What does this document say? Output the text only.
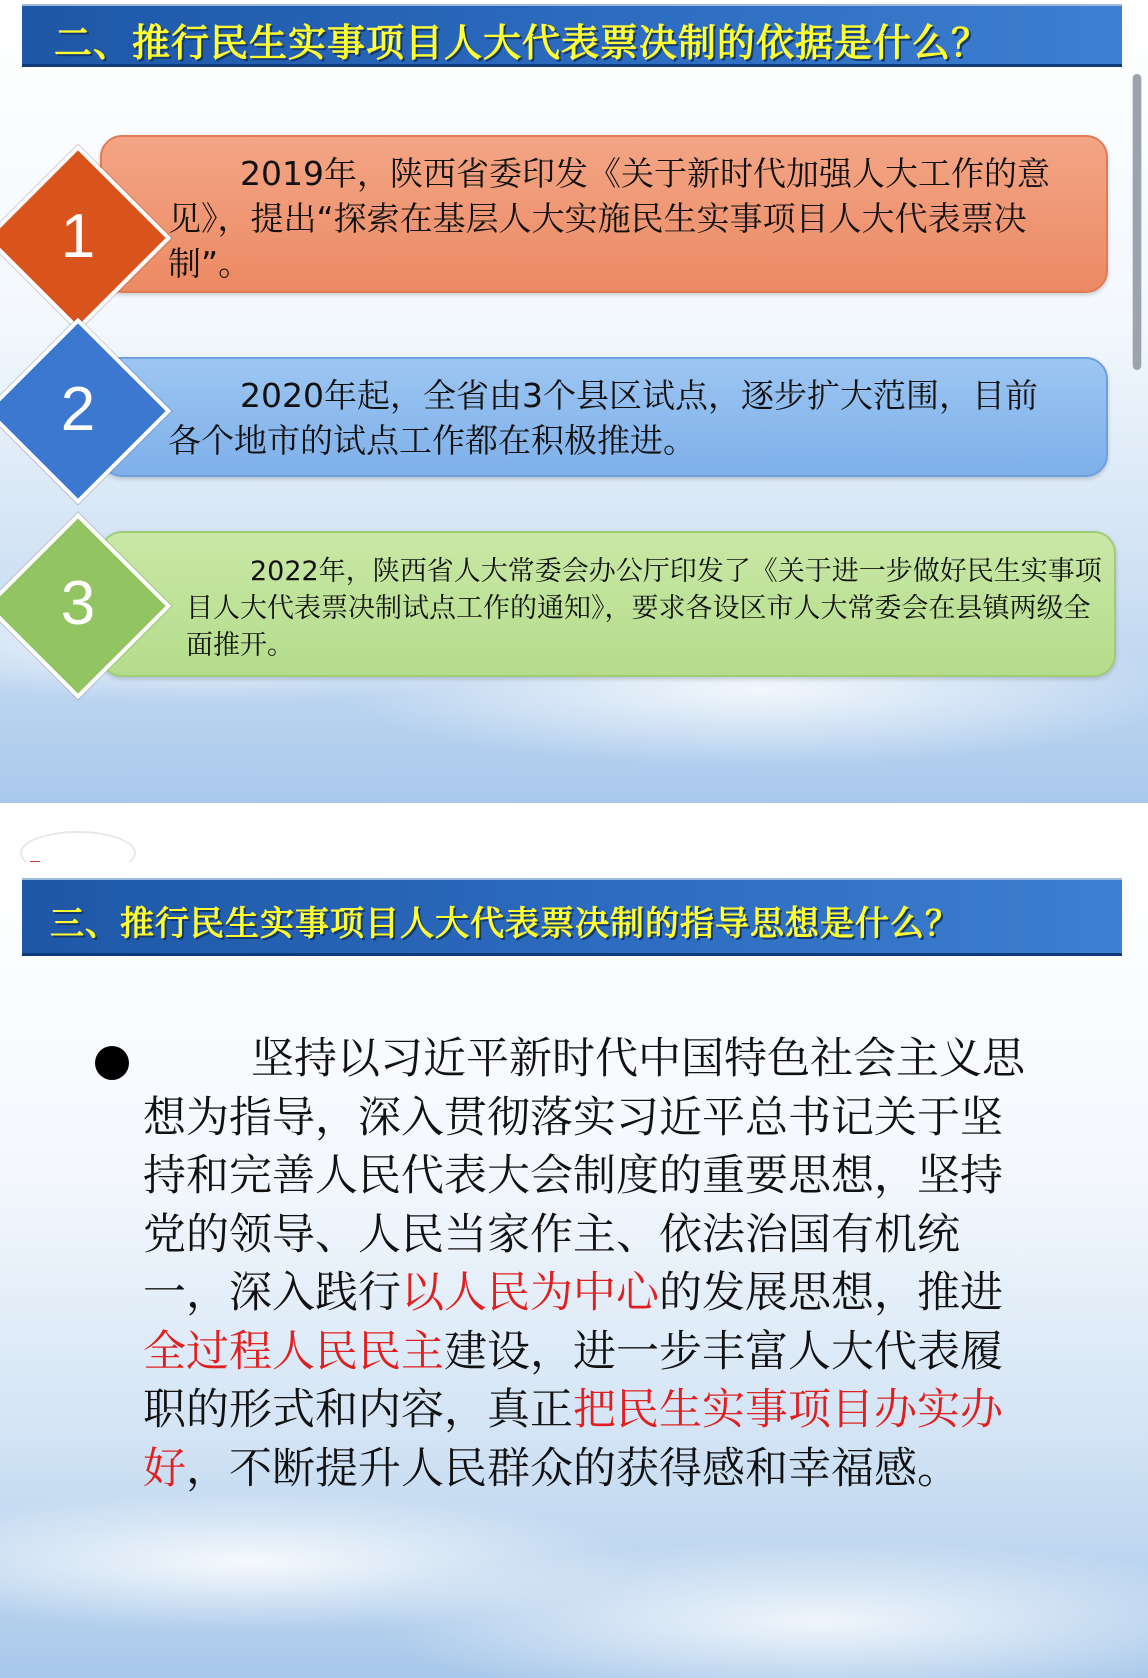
二、推行民生实事项目人大代表票决制的依据是什么？
2019年，陕西省委印发《关于新时代加强人大工作的意见》，提出“探索在基层人大实施民生实事项目人大代表票决制”。
2020年起，全省由3个县区试点，逐步扩大范围，目前各个地市的试点工作都在积极推进。
2022年，陕西省人大常委会办公厅印发了《关于进一步做好民生实事项目人大代表票决制试点工作的通知》，要求各设区市人大常委会在县镇两级全面推开。
1
2
3
三、推行民生实事项目人大代表票决制的指导思想是什么？
坚持以习近平新时代中国特色社会主义思想为指导，深入贯彻落实习近平总书记关于坚持和完善人民代表大会制度的重要思想，坚持党的领导、人民当家作主、依法治国有机统一，深入践行以人民为中心的发展思想，推进全过程人民民主建设，进一步丰富人大代表履职的形式和内容，真正把民生实事项目办实办好，不断提升人民群众的获得感和幸福感。
